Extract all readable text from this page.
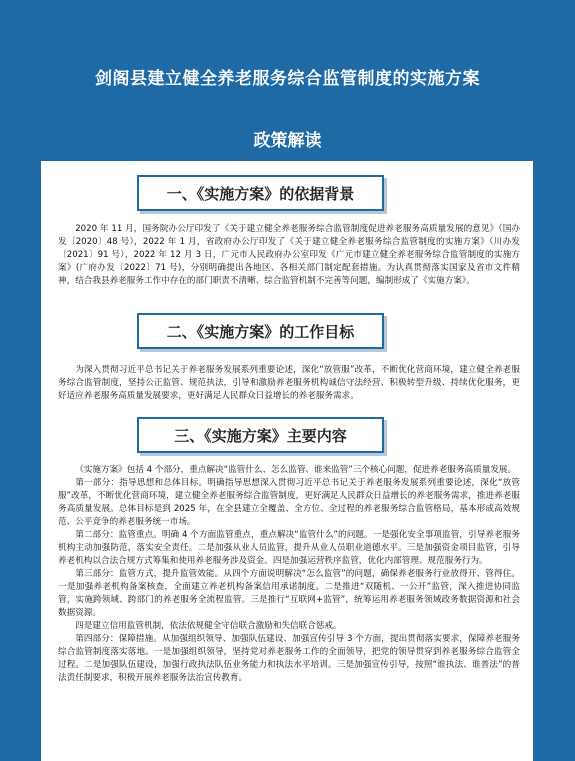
剑阁县建立健全养老服务综合监管制度的实施方案
政策解读
一、《实施方案》的依据背景

2020 年 11 月，国务院办公厅印发了《关于建立健全养老服务综合监管制度促进养老服务高质量发展的意见》（国办发〔2020〕48 号），2022 年 1 月，省政府办公厅印发了《关于建立健全养老服务综合监管制度的实施方案》（川办发〔2021〕91 号），2022 年 12 月 3 日，广元市人民政府办公室印发《广元市建立健全养老服务综合监管制度的实施方案》(广府办发〔2022〕71 号)，分别明确提出各地区、各相关部门制定配套措施。为认真贯彻落实国家及省市文件精神，结合我县养老服务工作中存在的部门职责不清晰、综合监管机制不完善等问题，编制形成了《实施方案》。

二、《实施方案》的工作目标

为深入贯彻习近平总书记关于养老服务发展系列重要论述，深化“放管服”改革，不断优化营商环境，建立健全养老服务综合监管制度，坚持公正监管、规范执法，引导和激励养老服务机构诚信守法经营、积极转型升级、持续优化服务，更好适应养老服务高质量发展要求，更好满足人民群众日益增长的养老服务需求。

三、《实施方案》主要内容

《实施方案》包括 4 个部分，重点解决“监管什么、怎么监管、谁来监管”三个核心问题，促进养老服务高质量发展。

第一部分：指导思想和总体目标。明确指导思想深入贯彻习近平总书记关于养老服务发展系列重要论述，深化“放管服”改革，不断优化营商环境，建立健全养老服务综合监管制度，更好满足人民群众日益增长的养老服务需求，推进养老服务高质量发展。总体目标是到 2025 年，在全县建立全覆盖、全方位、全过程的养老服务综合监管格局，基本形成高效规范、公平竞争的养老服务统一市场。

第二部分：监管重点。明确 4 个方面监管重点，重点解决“监管什么”的问题。一是强化安全事项监管，引导养老服务机构主动加强防范，落实安全责任。二是加强从业人员监管，提升从业人员职业道德水平。三是加强资金项目监管，引导养老机构以合法合规方式筹集和使用养老服务涉及资金。四是加强运营秩序监管，优化内部管理、规范服务行为。

第三部分：监管方式，提升监管效能。从四个方面说明解决“怎么监管”的问题，确保养老服务行业放得开、管得住。一是加强养老机构备案核查，全面建立养老机构备案信用承诺制度。二是推进“双随机、一公开”监管，深入推进协同监管，实施跨领域、跨部门的养老服务全流程监管。三是推行“互联网+监管”，统筹运用养老服务领域政务数据资源和社会数据资源。

四是建立信用监管机制，依法依规健全守信联合激励和失信联合惩戒。

第四部分：保障措施。从加强组织领导、加强队伍建设、加强宣传引导 3 个方面，提出贯彻落实要求，保障养老服务综合监管制度落实落地。一是加强组织领导，坚持党对养老服务工作的全面领导，把党的领导贯穿到养老服务综合监管全过程。二是加强队伍建设，加强行政执法队伍业务能力和执法水平培训。三是加强宣传引导，按照“谁执法、谁普法”的普法责任制要求，积极开展养老服务法治宣传教育。

剑阁县民政局制图
